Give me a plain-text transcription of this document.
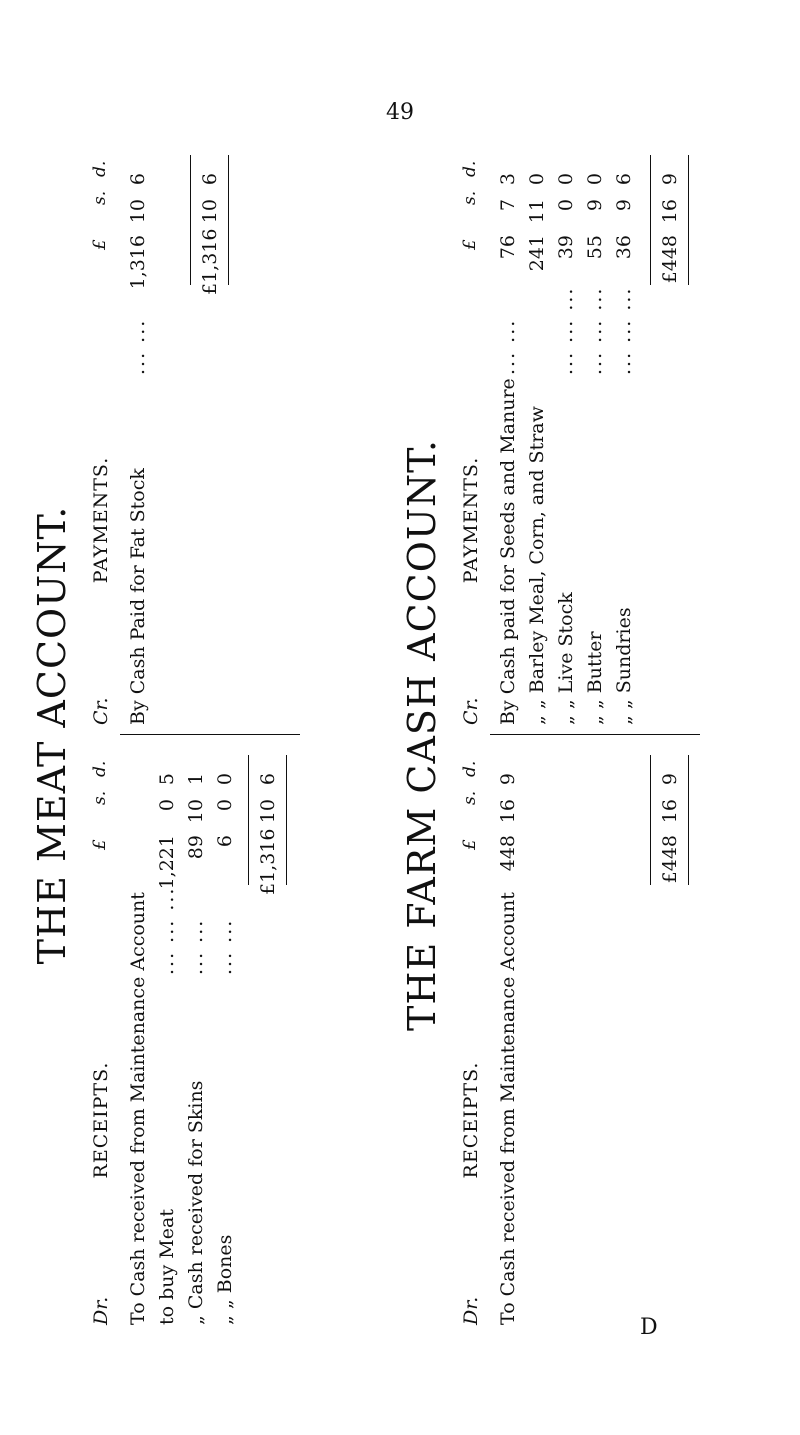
49
THE MEAT ACCOUNT.
Dr.
RECEIPTS.
£
s.
d.
To Cash received from Maintenance Account to buy Meat
... ... ...
1,221
0
5
„ Cash received for Skins
... ...
89
10
1
„ „ Bones
... ...
6
0
0
£1,316
10
6
Cr.
PAYMENTS.
£
s.
d.
By Cash Paid for Fat Stock
... ...
1,316
10
6
£1,316
10
6
THE FARM CASH ACCOUNT.
Dr.
RECEIPTS.
£
s.
d.
To Cash received from Maintenance Account
448
16
9
£448
16
9
Cr.
PAYMENTS.
£
s.
d.
By Cash paid for Seeds and Manure
... ...
76
7
3
„ „ Barley Meal, Corn, and Straw
241
11
0
„ „ Live Stock
... ... ...
39
0
0
„ „ Butter
... ... ...
55
9
0
„ „ Sundries
... ... ...
36
9
6
£448
16
9
D
